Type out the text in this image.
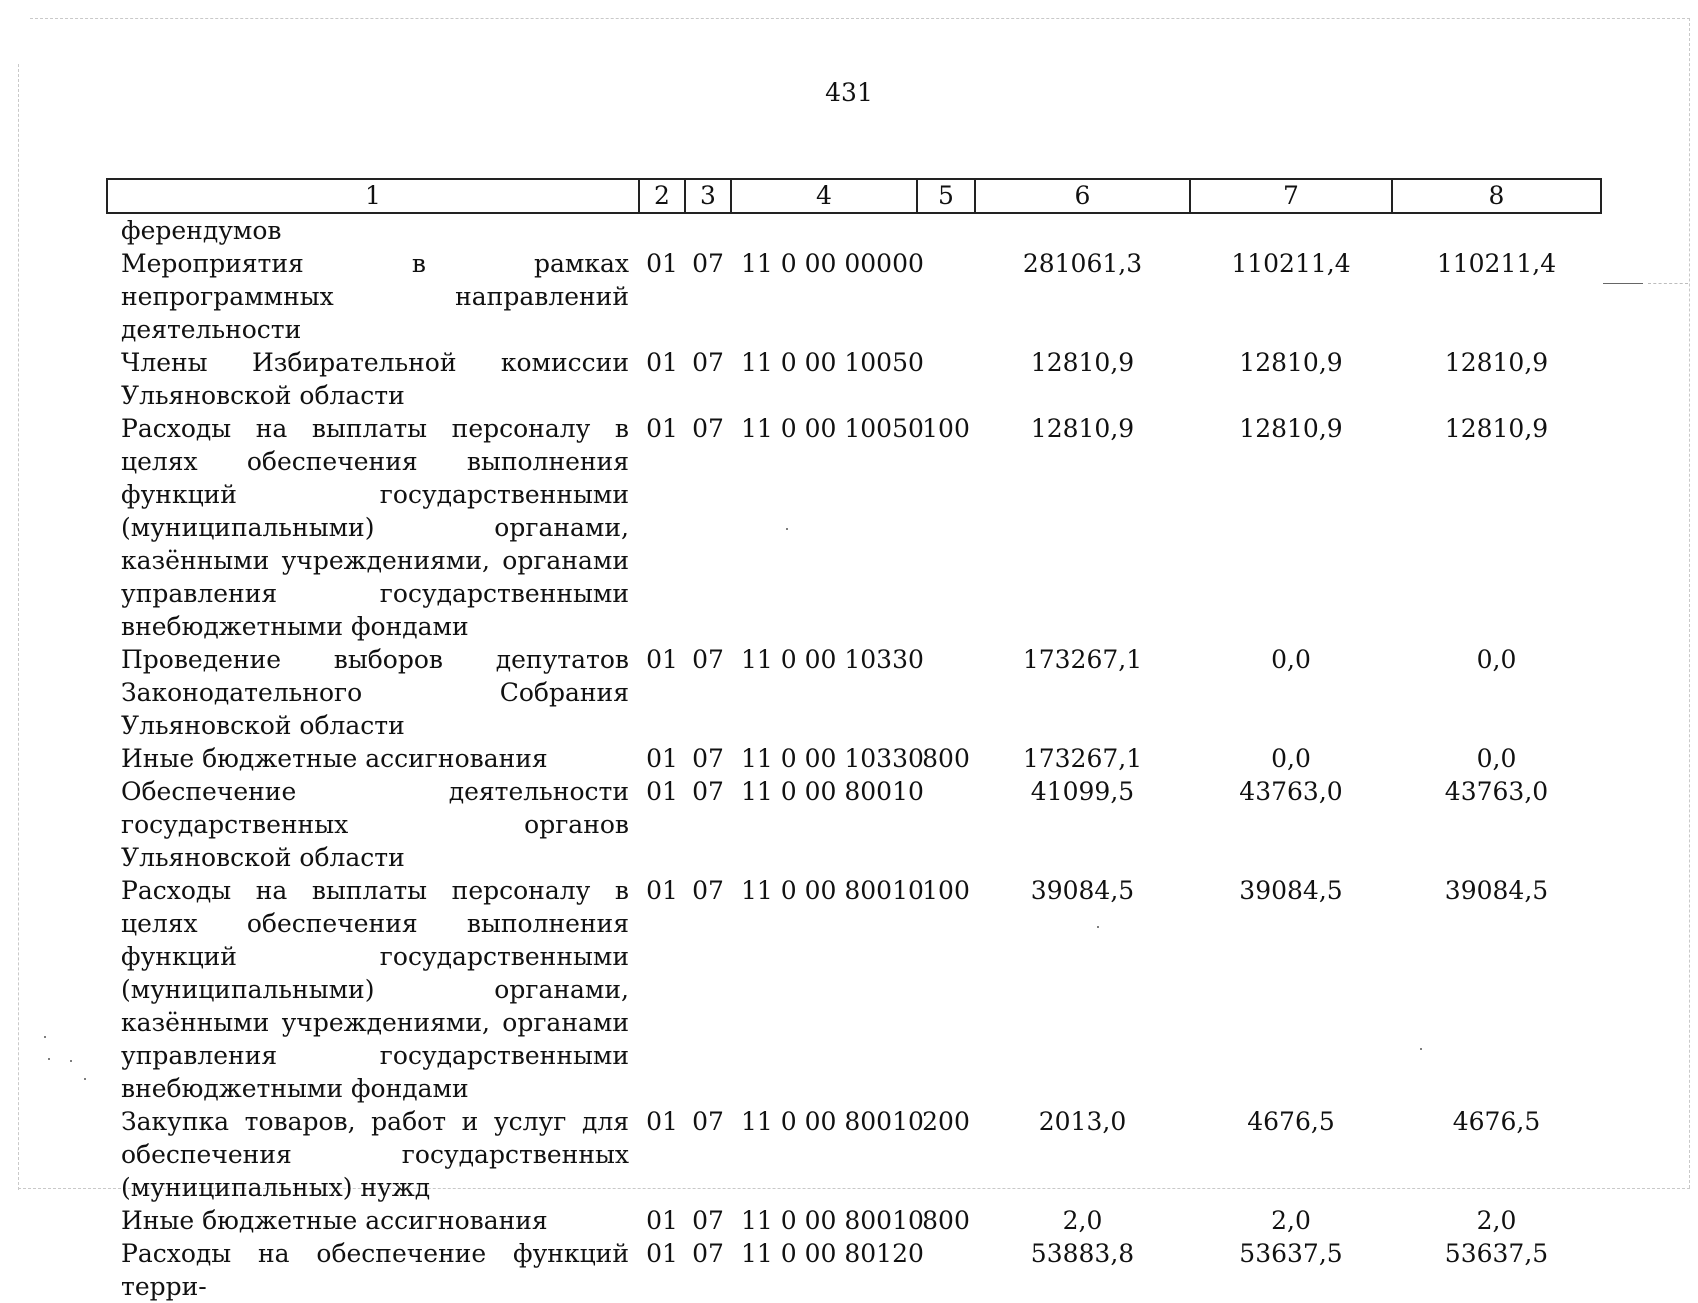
431
1	2	3	4	5	6	7	8
ферендумов							
Мероприятия в рамках непрограммных направлений деятельности	01	07	11 0 00 00000		281061,3	110211,4	110211,4
Члены Избирательной комиссии Ульяновской области	01	07	11 0 00 10050		12810,9	12810,9	12810,9
Расходы на выплаты персоналу в целях обеспечения выполнения функций государственными (муниципальными) органами, казёнными учреждениями, органами управления государственными внебюджетными фондами	01	07	11 0 00 10050	100	12810,9	12810,9	12810,9
Проведение выборов депутатов Законодательного Собрания Ульяновской области	01	07	11 0 00 10330		173267,1	0,0	0,0
Иные бюджетные ассигнования	01	07	11 0 00 10330	800	173267,1	0,0	0,0
Обеспечение деятельности государственных органов Ульяновской области	01	07	11 0 00 80010		41099,5	43763,0	43763,0
Расходы на выплаты персоналу в целях обеспечения выполнения функций государственными (муниципальными) органами, казёнными учреждениями, органами управления государственными внебюджетными фондами	01	07	11 0 00 80010	100	39084,5	39084,5	39084,5
Закупка товаров, работ и услуг для обеспечения государственных (муниципальных) нужд	01	07	11 0 00 80010	200	2013,0	4676,5	4676,5
Иные бюджетные ассигнования	01	07	11 0 00 80010	800	2,0	2,0	2,0
Расходы на обеспечение функций терри-	01	07	11 0 00 80120		53883,8	53637,5	53637,5
